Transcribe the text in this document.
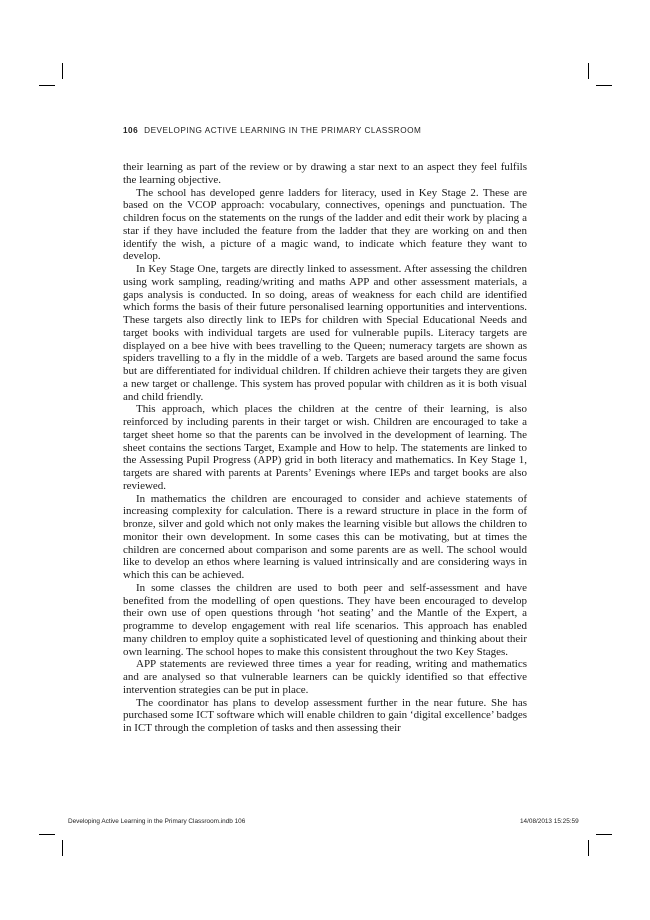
106 DEVELOPING ACTIVE LEARNING IN THE PRIMARY CLASSROOM

their learning as part of the review or by drawing a star next to an aspect they feel fulfils the learning objective.

The school has developed genre ladders for literacy, used in Key Stage 2. These are based on the VCOP approach: vocabulary, connectives, openings and punctuation. The children focus on the statements on the rungs of the ladder and edit their work by placing a star if they have included the feature from the ladder that they are working on and then identify the wish, a picture of a magic wand, to indicate which feature they want to develop.

In Key Stage One, targets are directly linked to assessment. After assessing the children using work sampling, reading/writing and maths APP and other assessment materials, a gaps analysis is conducted. In so doing, areas of weakness for each child are identified which forms the basis of their future personalised learning opportunities and interventions. These targets also directly link to IEPs for children with Special Educational Needs and target books with individual targets are used for vulnerable pupils. Literacy targets are displayed on a bee hive with bees travelling to the Queen; numeracy targets are shown as spiders travelling to a fly in the middle of a web. Targets are based around the same focus but are differentiated for individual children. If children achieve their targets they are given a new target or challenge. This system has proved popular with children as it is both visual and child friendly.

This approach, which places the children at the centre of their learning, is also reinforced by including parents in their target or wish. Children are encouraged to take a target sheet home so that the parents can be involved in the development of learning. The sheet contains the sections Target, Example and How to help. The statements are linked to the Assessing Pupil Progress (APP) grid in both literacy and mathematics. In Key Stage 1, targets are shared with parents at Parents’ Evenings where IEPs and target books are also reviewed.

In mathematics the children are encouraged to consider and achieve statements of increasing complexity for calculation. There is a reward structure in place in the form of bronze, silver and gold which not only makes the learning visible but allows the children to monitor their own development. In some cases this can be motivating, but at times the children are concerned about comparison and some parents are as well. The school would like to develop an ethos where learning is valued intrinsically and are considering ways in which this can be achieved.

In some classes the children are used to both peer and self-assessment and have benefited from the modelling of open questions. They have been encouraged to develop their own use of open questions through ‘hot seating’ and the Mantle of the Expert, a programme to develop engagement with real life scenarios. This approach has enabled many children to employ quite a sophisticated level of questioning and thinking about their own learning. The school hopes to make this consistent throughout the two Key Stages.

APP statements are reviewed three times a year for reading, writing and mathematics and are analysed so that vulnerable learners can be quickly identified so that effective intervention strategies can be put in place.

The coordinator has plans to develop assessment further in the near future. She has purchased some ICT software which will enable children to gain ‘digital excellence’ badges in ICT through the completion of tasks and then assessing their

Developing Active Learning in the Primary Classroom.indb 106	14/08/2013 15:25:59
